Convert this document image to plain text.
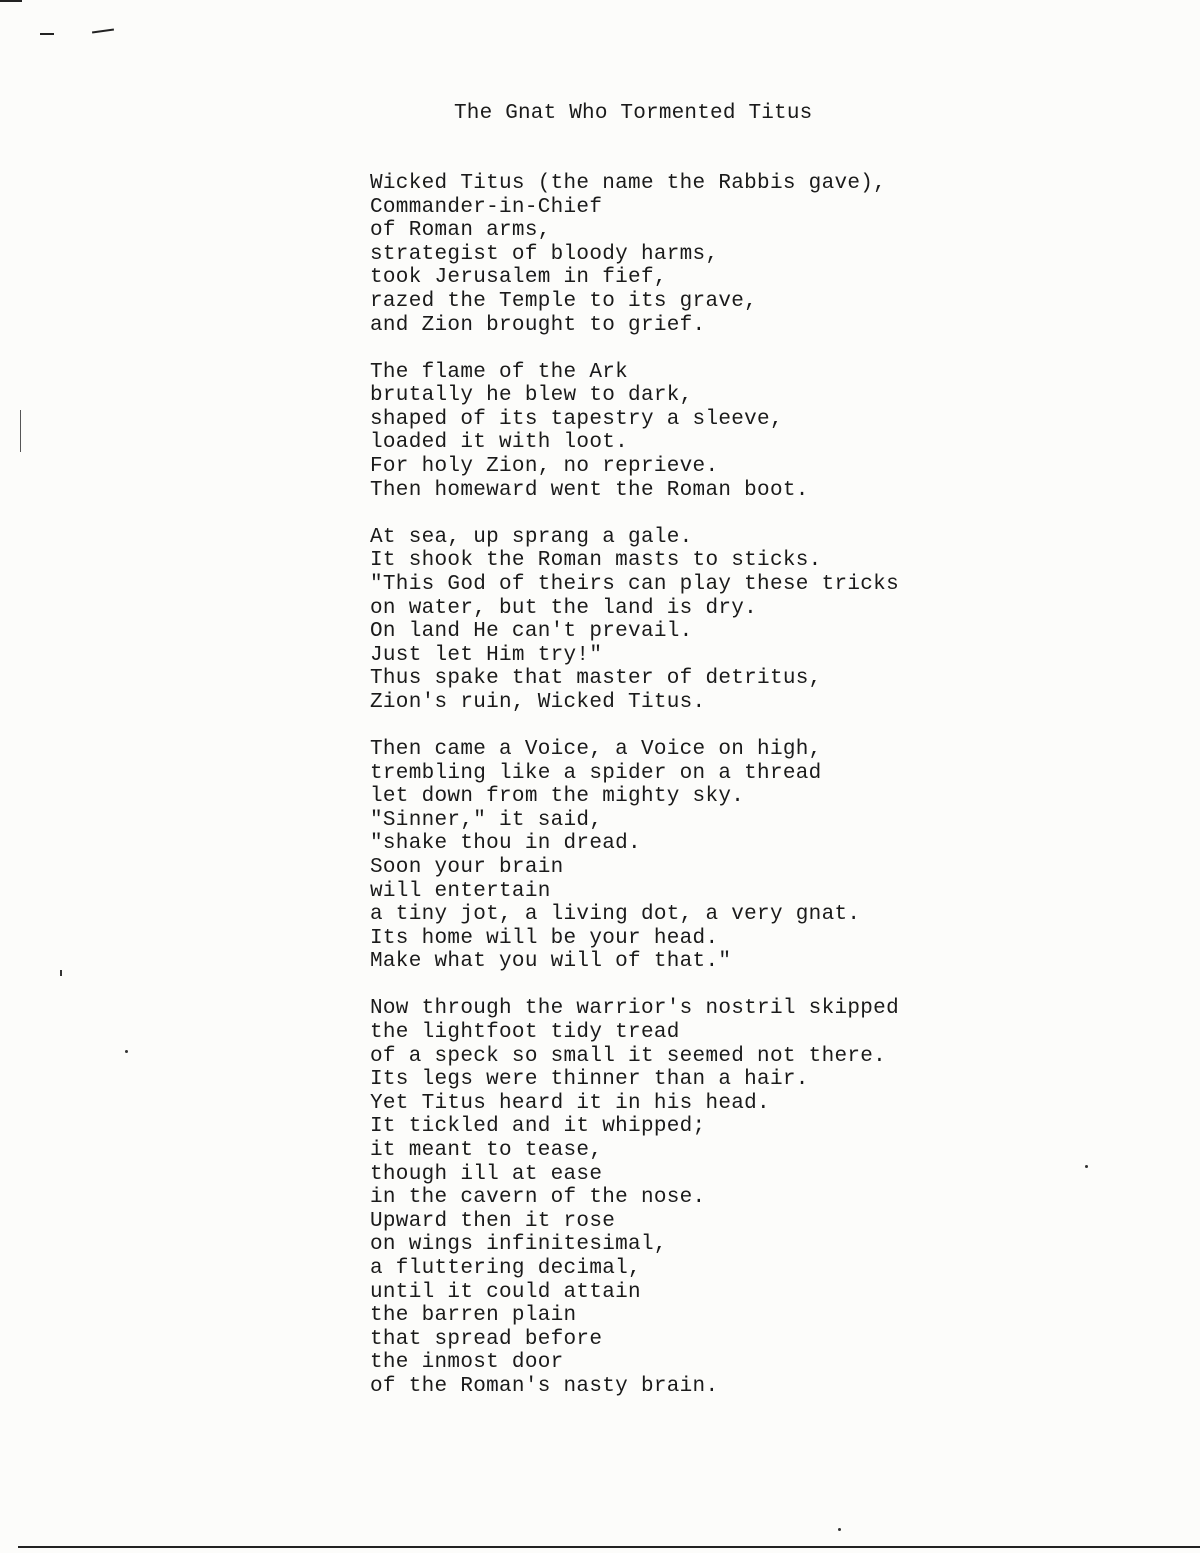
The Gnat Who Tormented Titus
Wicked Titus (the name the Rabbis gave),
Commander-in-Chief
of Roman arms,
strategist of bloody harms,
took Jerusalem in fief,
razed the Temple to its grave,
and Zion brought to grief.
The flame of the Ark
brutally he blew to dark,
shaped of its tapestry a sleeve,
loaded it with loot.
For holy Zion, no reprieve.
Then homeward went the Roman boot.
At sea, up sprang a gale.
It shook the Roman masts to sticks.
"This God of theirs can play these tricks
on water, but the land is dry.
On land He can't prevail.
Just let Him try!"
Thus spake that master of detritus,
Zion's ruin, Wicked Titus.
Then came a Voice, a Voice on high,
trembling like a spider on a thread
let down from the mighty sky.
"Sinner," it said,
"shake thou in dread.
Soon your brain
will entertain
a tiny jot, a living dot, a very gnat.
Its home will be your head.
Make what you will of that."
Now through the warrior's nostril skipped
the lightfoot tidy tread
of a speck so small it seemed not there.
Its legs were thinner than a hair.
Yet Titus heard it in his head.
It tickled and it whipped;
it meant to tease,
though ill at ease
in the cavern of the nose.
Upward then it rose
on wings infinitesimal,
a fluttering decimal,
until it could attain
the barren plain
that spread before
the inmost door
of the Roman's nasty brain.
